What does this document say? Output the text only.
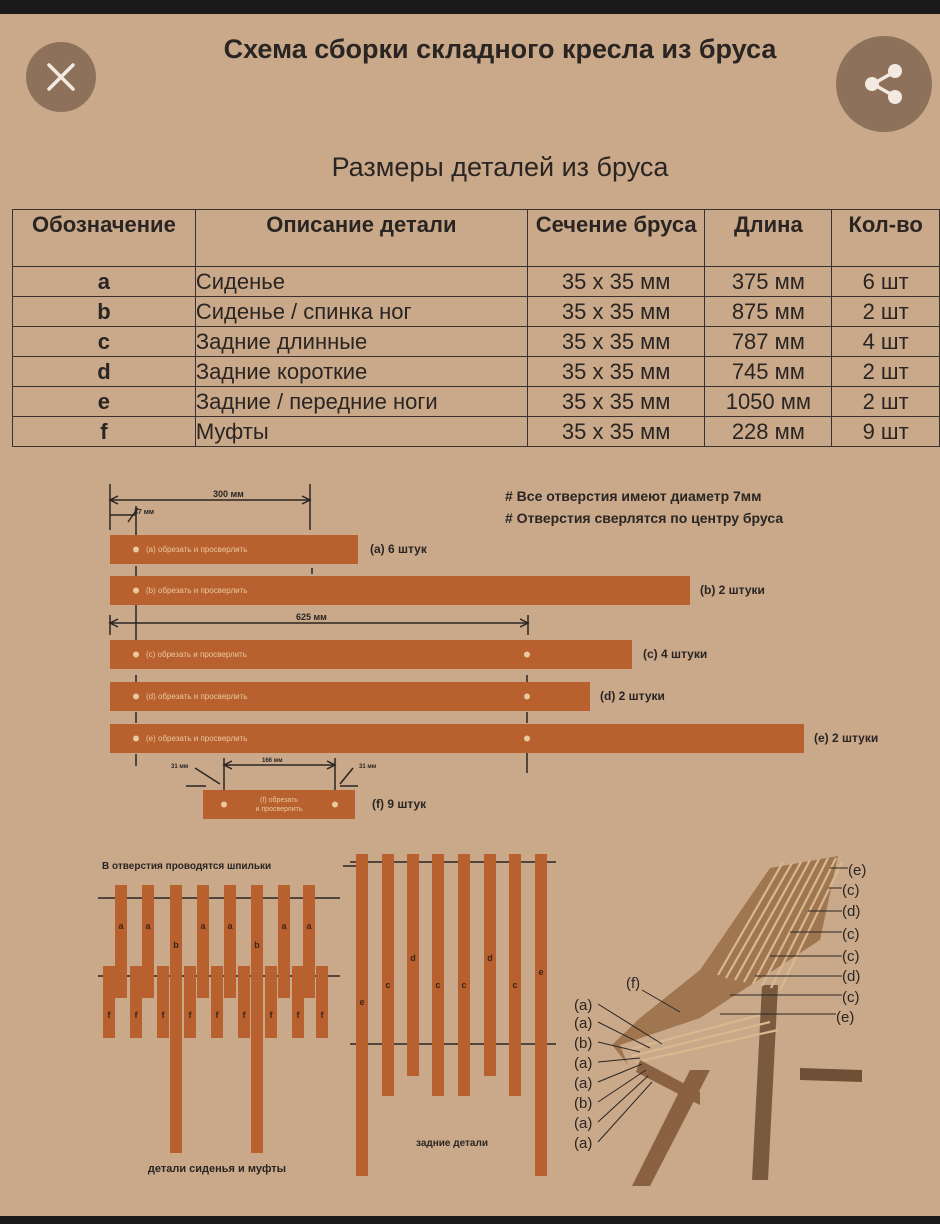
Схема сборки складного кресла из бруса
Размеры деталей из бруса
Обозначение	Описание детали	Сечение бруса	Длина	Кол-во
a	Сиденье	35 х 35 мм	375 мм	6 шт
b	Сиденье / спинка ног	35 х 35 мм	875 мм	2 шт
c	Задние длинные	35 х 35 мм	787 мм	4 шт
d	Задние короткие	35 х 35 мм	745 мм	2 шт
e	Задние / передние ноги	35 х 35 мм	1050 мм	2 шт
f	Муфты	35 х 35 мм	228 мм	9 шт
300 мм
37 мм
625 мм
166 мм
31 мм	31 мм
# Все отверстия имеют диаметр 7мм
# Отверстия сверлятся по центру бруса
(a) обрезать и просверлить	(a) 6 штук
(b) обрезать и просверлить	(b) 2 штуки
(c) обрезать и просверлить	(c) 4 штуки
(d) обрезать и просверлить	(d) 2 штуки
(e) обрезать и просверлить	(e) 2 штуки
(f) обрезать
и просверлить	(f) 9 штук
В отверстия проводятся шпильки
a a
b
a a
b
a a
f	f	f	f	f	f	f	f f
детали сиденья и муфты
e
c
d
c c
d
c
e
задние детали
(e)
(c)
(d)
(c)
(c)
(d)
(c)
(e)
(f)
(a)
(a)
(b)
(a)
(a)
(b)
(a)
(a)
